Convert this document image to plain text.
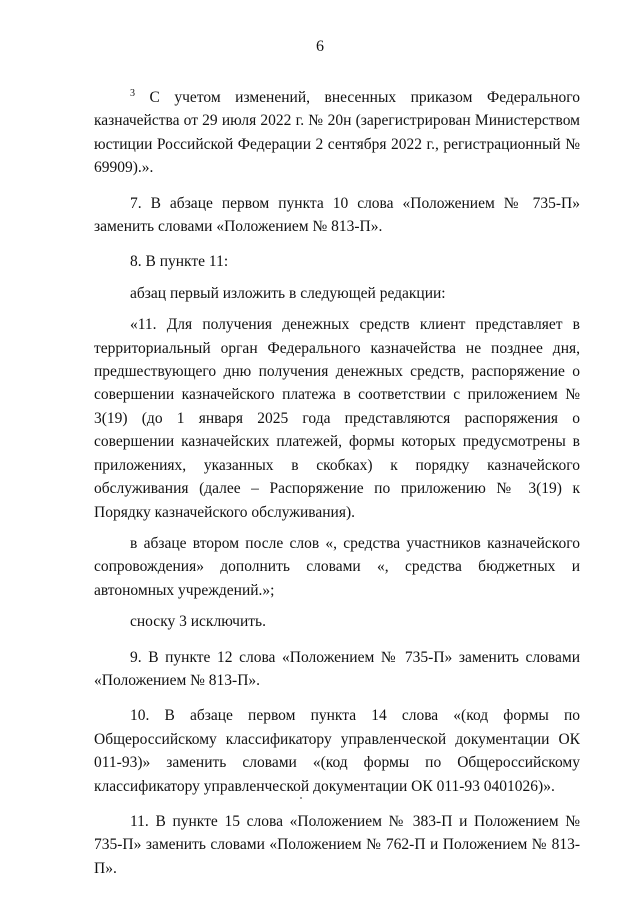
6

$^3$ С учетом изменений, внесенных приказом Федерального казначейства от 29 июля 2022 г. № 20н (зарегистрирован Министерством юстиции Российской Федерации 2 сентября 2022 г., регистрационный № 69909).».

7. В абзаце первом пункта 10 слова «Положением № 735-П» заменить словами «Положением № 813-П».

8. В пункте 11:

абзац первый изложить в следующей редакции:

«11. Для получения денежных средств клиент представляет в территориальный орган Федерального казначейства не позднее дня, предшествующего дню получения денежных средств, распоряжение о совершении казначейского платежа в соответствии с приложением № 3(19) (до 1 января 2025 года представляются распоряжения о совершении казначейских платежей, формы которых предусмотрены в приложениях, указанных в скобках) к порядку казначейского обслуживания (далее – Распоряжение по приложению № 3(19) к Порядку казначейского обслуживания).

в абзаце втором после слов «, средства участников казначейского сопровождения» дополнить словами «, средства бюджетных и автономных учреждений.»;

сноску 3 исключить.

9. В пункте 12 слова «Положением № 735-П» заменить словами «Положением № 813-П».

10. В абзаце первом пункта 14 слова «(код формы по Общероссийскому классификатору управленческой документации ОК 011-93)» заменить словами «(код формы по Общероссийскому классификатору управленческой документации ОК 011-93 0401026)».

11. В пункте 15 слова «Положением № 383-П и Положением № 735-П» заменить словами «Положением № 762-П и Положением № 813-П».
